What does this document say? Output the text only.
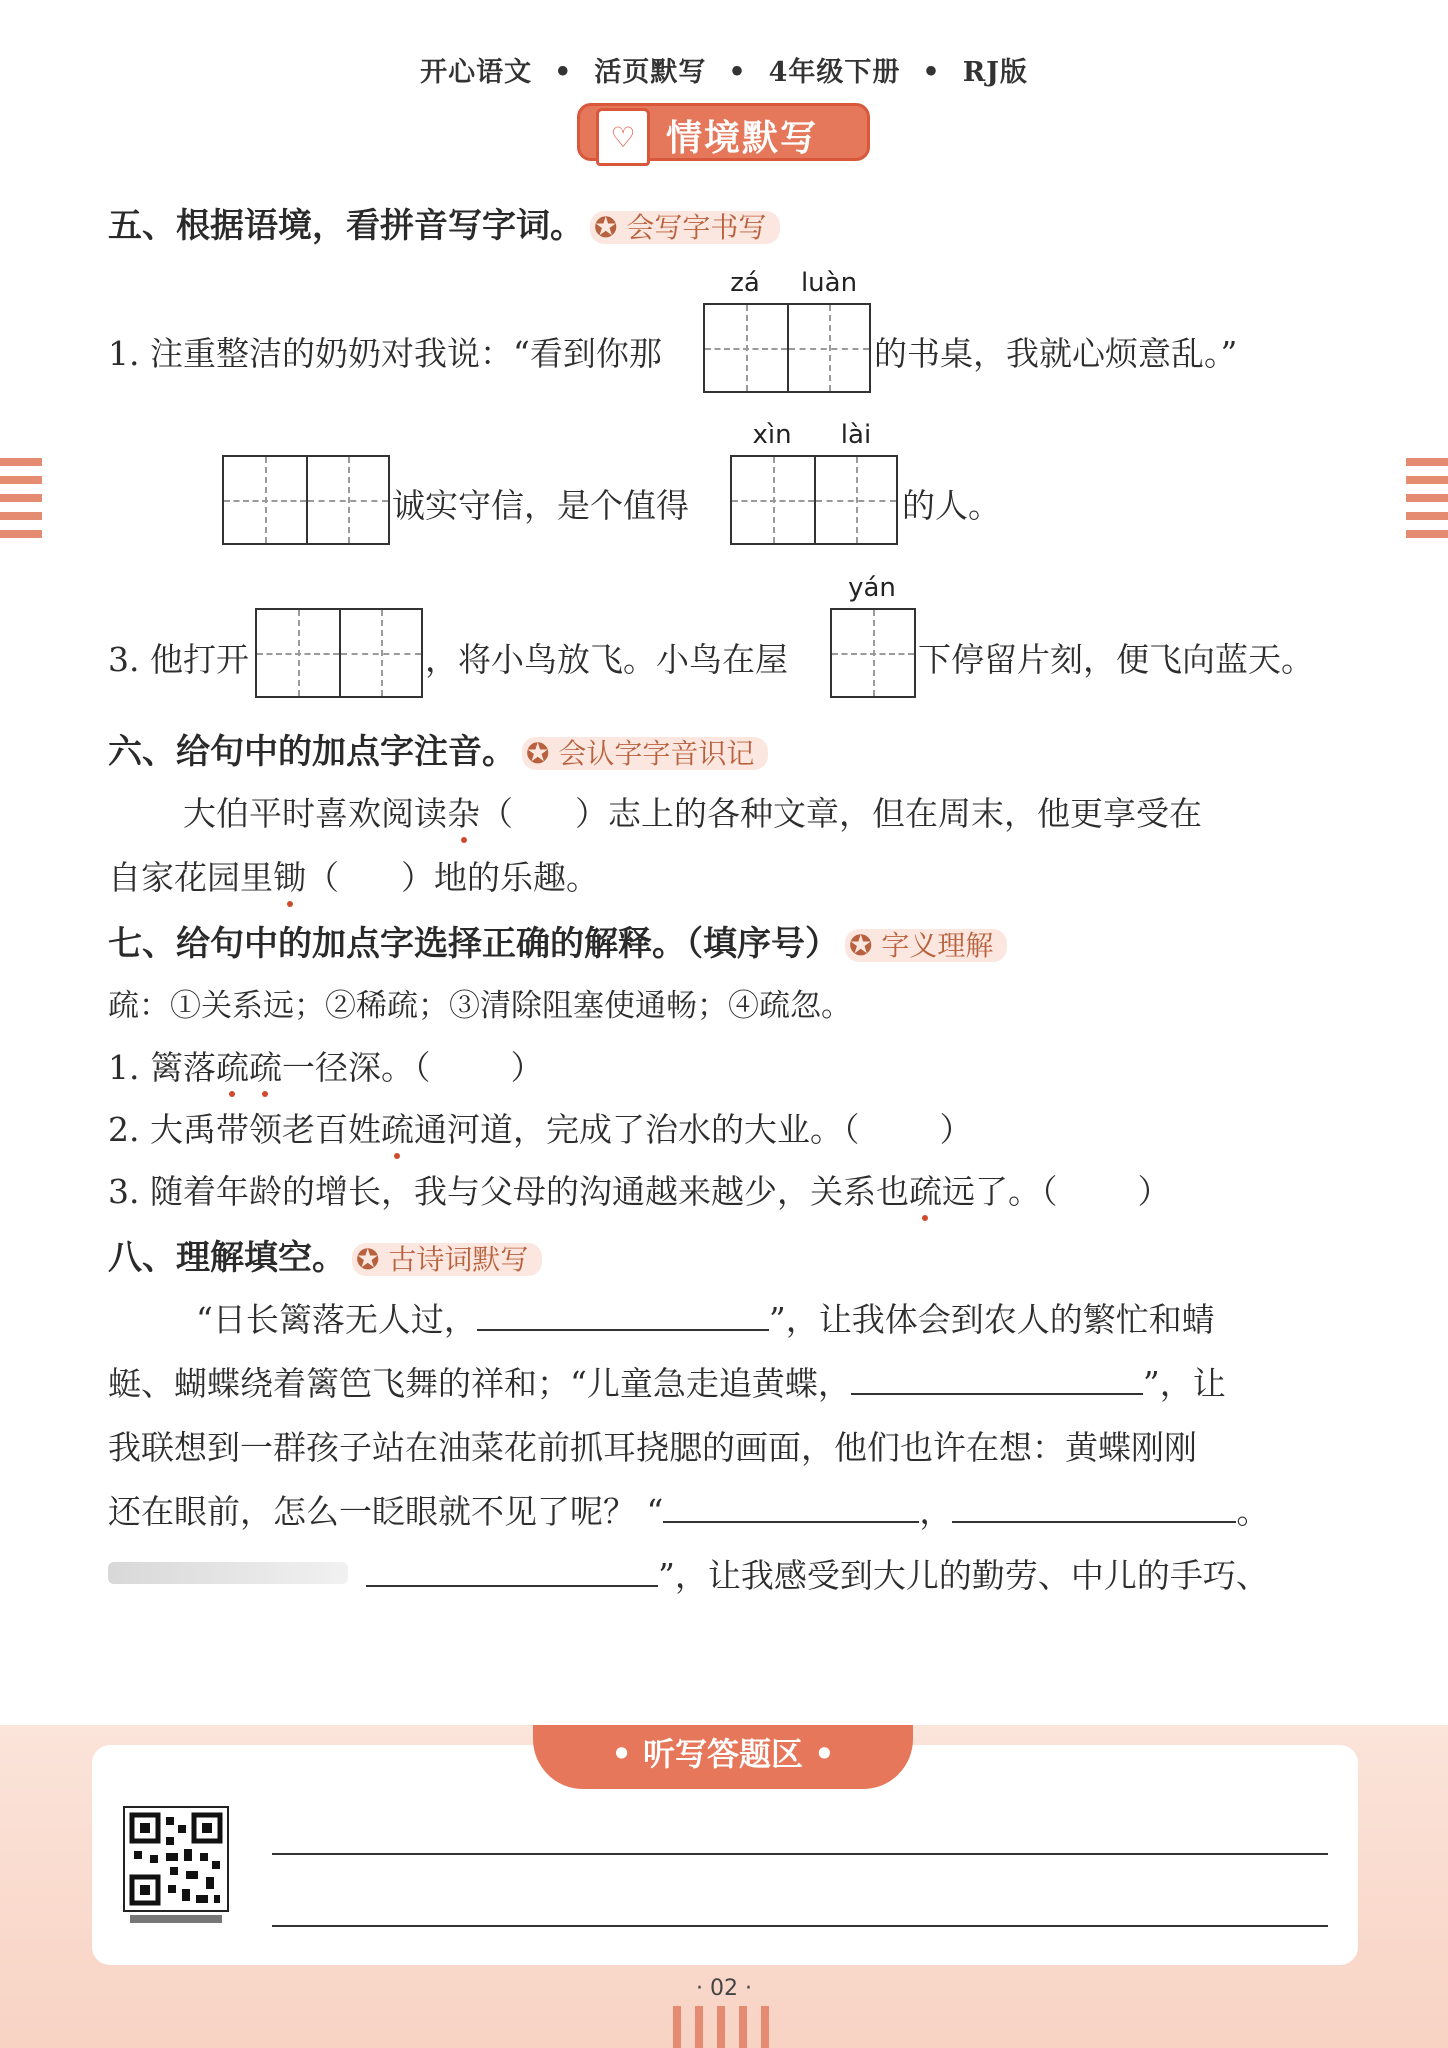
开心语文 • 活页默写 • 4年级下册 • RJ版
♡ 情境默写
五、根据语境，看拼音写字词。 ✪ 会写字书写
zá	luàn
1. 注重整洁的奶奶对我说：“看到你那	的书桌，我就心烦意乱。”
诚实守信，是个值得
xìn	lài
的人。
3. 他打开	，将小鸟放飞。小鸟在屋
yán
下停留片刻，便飞向蓝天。
六、给句中的加点字注音。 ✪ 会认字字音识记
大伯平时喜欢阅读杂（ ）志上的各种文章，但在周末，他更享受在
自家花园里锄（ ）地的乐趣。
七、给句中的加点字选择正确的解释。（填序号） ✪ 字义理解
疏：①关系远；②稀疏；③清除阻塞使通畅；④疏忽。
1. 篱落疏疏一径深。（ ）
2. 大禹带领老百姓疏通河道，完成了治水的大业。（ ）
3. 随着年龄的增长，我与父母的沟通越来越少，关系也疏远了。（ ）
八、理解填空。 ✪ 古诗词默写
“日长篱落无人过，	”，让我体会到农人的繁忙和蜻
蜓、蝴蝶绕着篱笆飞舞的祥和；“儿童急走追黄蝶，	”，让
我联想到一群孩子站在油菜花前抓耳挠腮的画面，他们也许在想：黄蝶刚刚
还在眼前，怎么一眨眼就不见了呢？ “	，	。
”，让我感受到大儿的勤劳、中儿的手巧、
• 听写答题区 •
· 02 ·
